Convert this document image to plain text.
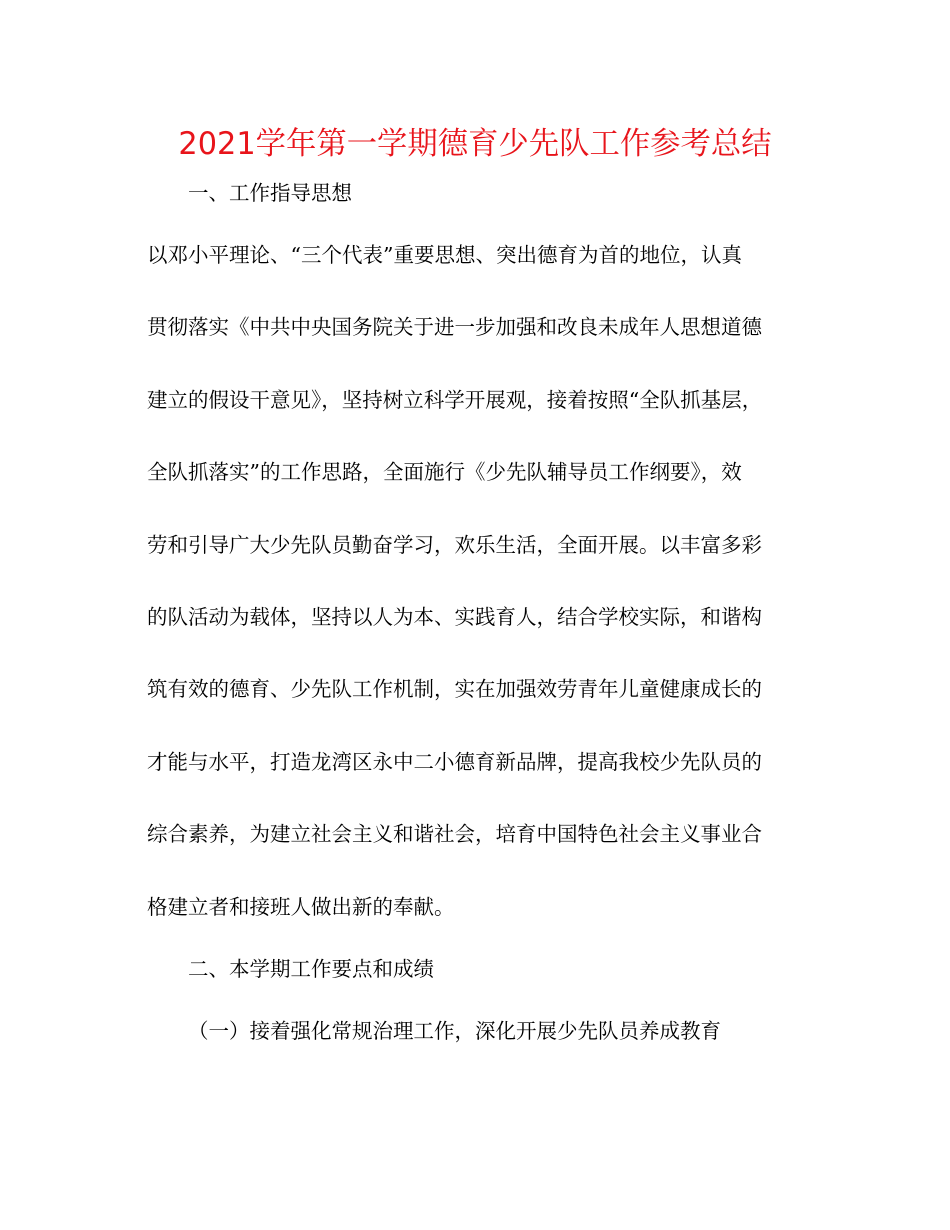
2021学年第一学期德育少先队工作参考总结
一、工作指导思想
以邓小平理论、“三个代表”重要思想、突出德育为首的地位，认真
贯彻落实《中共中央国务院关于进一步加强和改良未成年人思想道德
建立的假设干意见》，坚持树立科学开展观，接着按照“全队抓基层，
全队抓落实”的工作思路，全面施行《少先队辅导员工作纲要》，效
劳和引导广大少先队员勤奋学习，欢乐生活，全面开展。以丰富多彩
的队活动为载体，坚持以人为本、实践育人，结合学校实际，和谐构
筑有效的德育、少先队工作机制，实在加强效劳青年儿童健康成长的
才能与水平，打造龙湾区永中二小德育新品牌，提高我校少先队员的
综合素养，为建立社会主义和谐社会，培育中国特色社会主义事业合
格建立者和接班人做出新的奉献。
二、本学期工作要点和成绩
（一）接着强化常规治理工作，深化开展少先队员养成教育
